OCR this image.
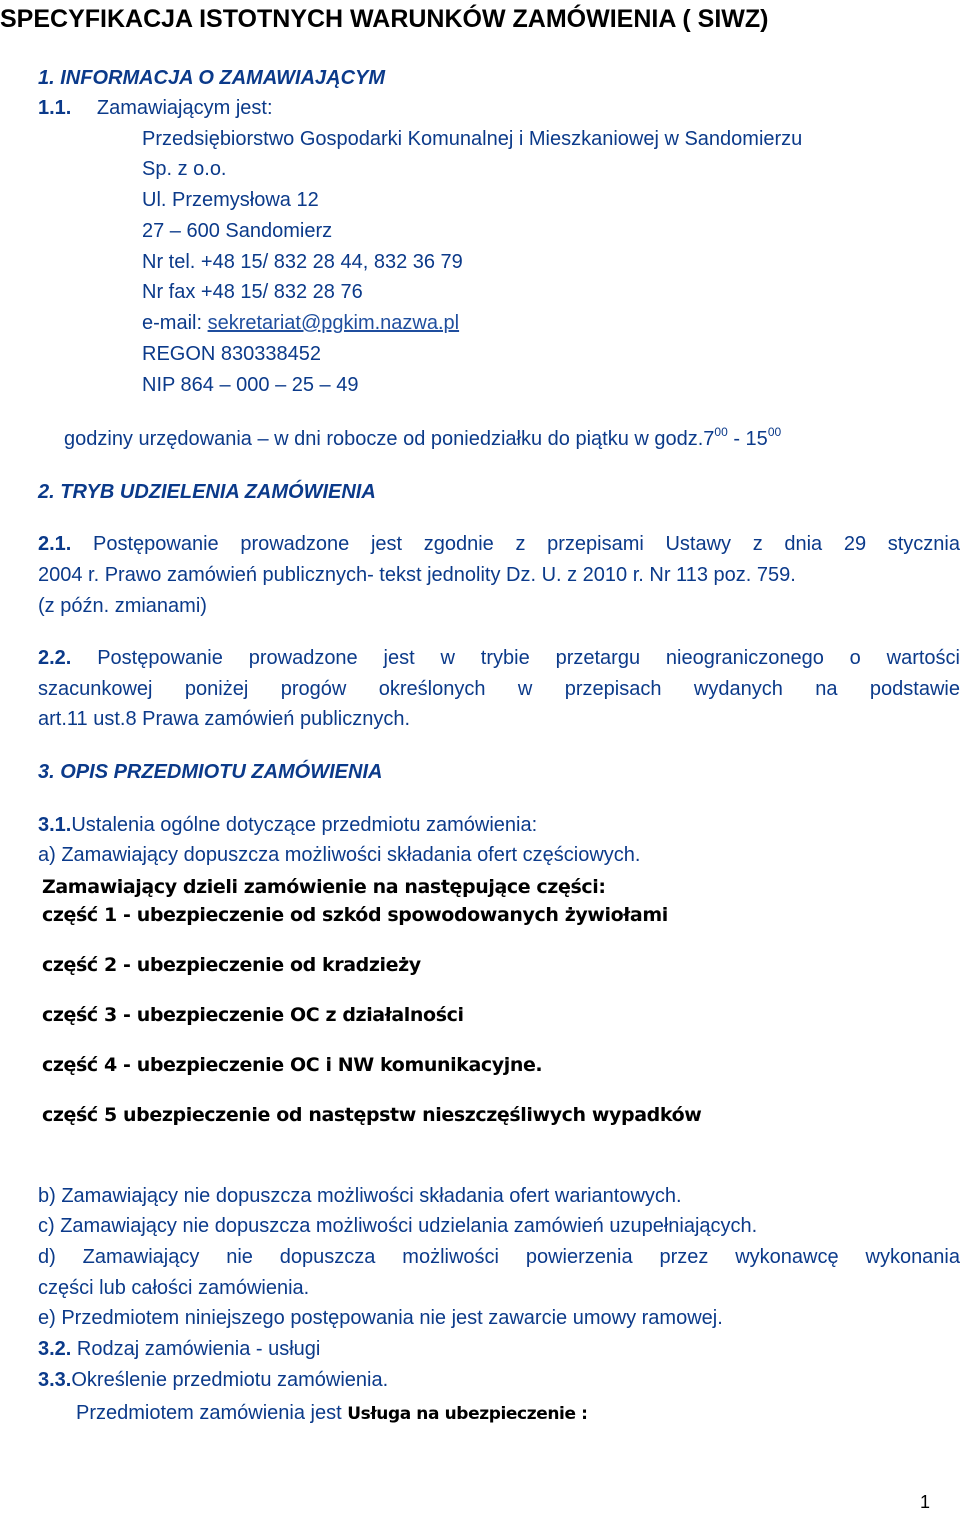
SPECYFIKACJA ISTOTNYCH WARUNKÓW ZAMÓWIENIA ( SIWZ)
1. INFORMACJA O ZAMAWIAJĄCYM
1.1. Zamawiającym jest:
Przedsiębiorstwo Gospodarki Komunalnej i Mieszkaniowej w Sandomierzu
Sp. z o.o.
Ul. Przemysłowa 12
27 – 600 Sandomierz
Nr tel. +48 15/ 832 28 44, 832 36 79
Nr fax +48 15/ 832 28 76
e-mail: sekretariat@pgkim.nazwa.pl
REGON 830338452
NIP 864 – 000 – 25 – 49
godziny urzędowania – w dni robocze od poniedziałku do piątku w $godz.7^{00} - 15^{00}$
2. TRYB UDZIELENIA ZAMÓWIENIA
2.1. Postępowanie prowadzone jest zgodnie z przepisami Ustawy z dnia 29 stycznia
2004 r. Prawo zamówień publicznych- tekst jednolity Dz. U. z 2010 r. Nr 113 poz. 759.
(z późn. zmianami)
2.2. Postępowanie prowadzone jest w trybie przetargu nieograniczonego o wartości
szacunkowej poniżej progów określonych w przepisach wydanych na podstawie
art.11 ust.8 Prawa zamówień publicznych.
3. OPIS PRZEDMIOTU ZAMÓWIENIA
3.1.Ustalenia ogólne dotyczące przedmiotu zamówienia:
a) Zamawiający dopuszcza możliwości składania ofert częściowych.
Zamawiający dzieli zamówienie na następujące części:
część 1 - ubezpieczenie od szkód spowodowanych żywiołami
część 2 - ubezpieczenie od kradzieży
część 3 - ubezpieczenie OC z działalności
część 4 - ubezpieczenie OC i NW komunikacyjne.
część 5 ubezpieczenie od następstw nieszczęśliwych wypadków
b) Zamawiający nie dopuszcza możliwości składania ofert wariantowych.
c) Zamawiający nie dopuszcza możliwości udzielania zamówień uzupełniających.
d) Zamawiający nie dopuszcza możliwości powierzenia przez wykonawcę wykonania
części lub całości zamówienia.
e) Przedmiotem niniejszego postępowania nie jest zawarcie umowy ramowej.
3.2. Rodzaj zamówienia - usługi
3.3.Określenie przedmiotu zamówienia.
Przedmiotem zamówienia jest Usługa na ubezpieczenie :
1
